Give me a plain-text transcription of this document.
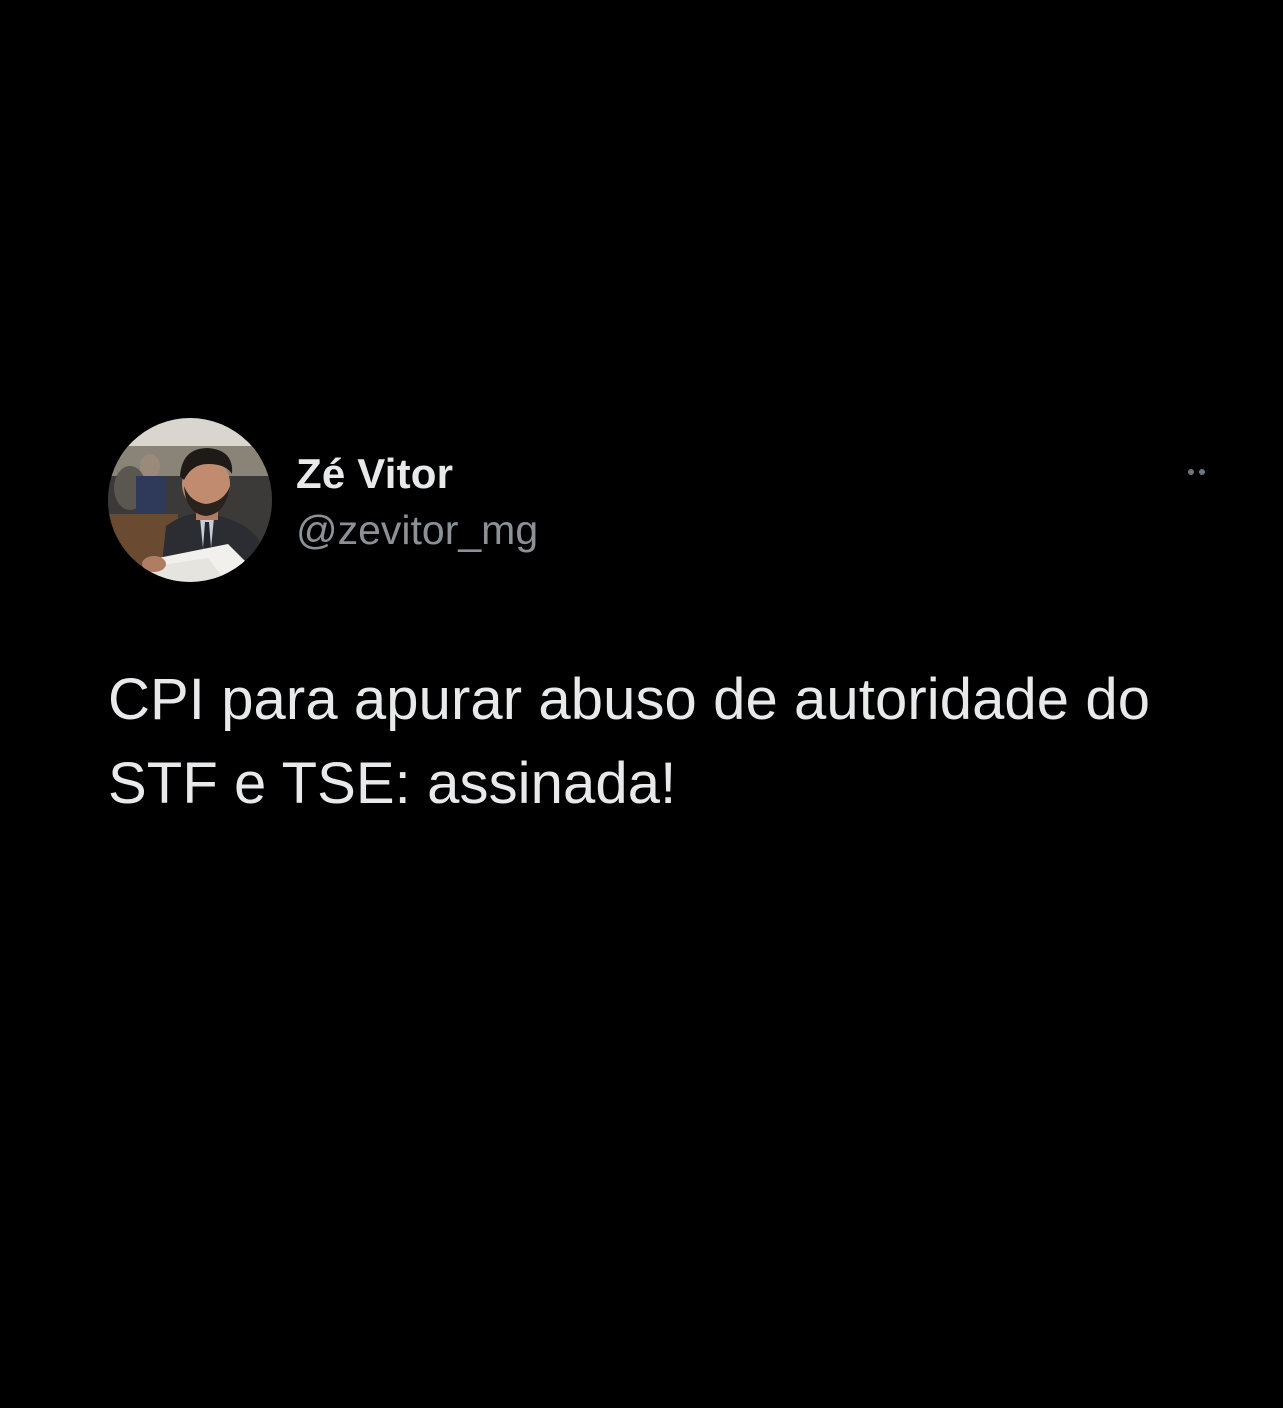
Zé Vitor
@zevitor_mg
CPI para apurar abuso de autoridade do STF e TSE: assinada!
